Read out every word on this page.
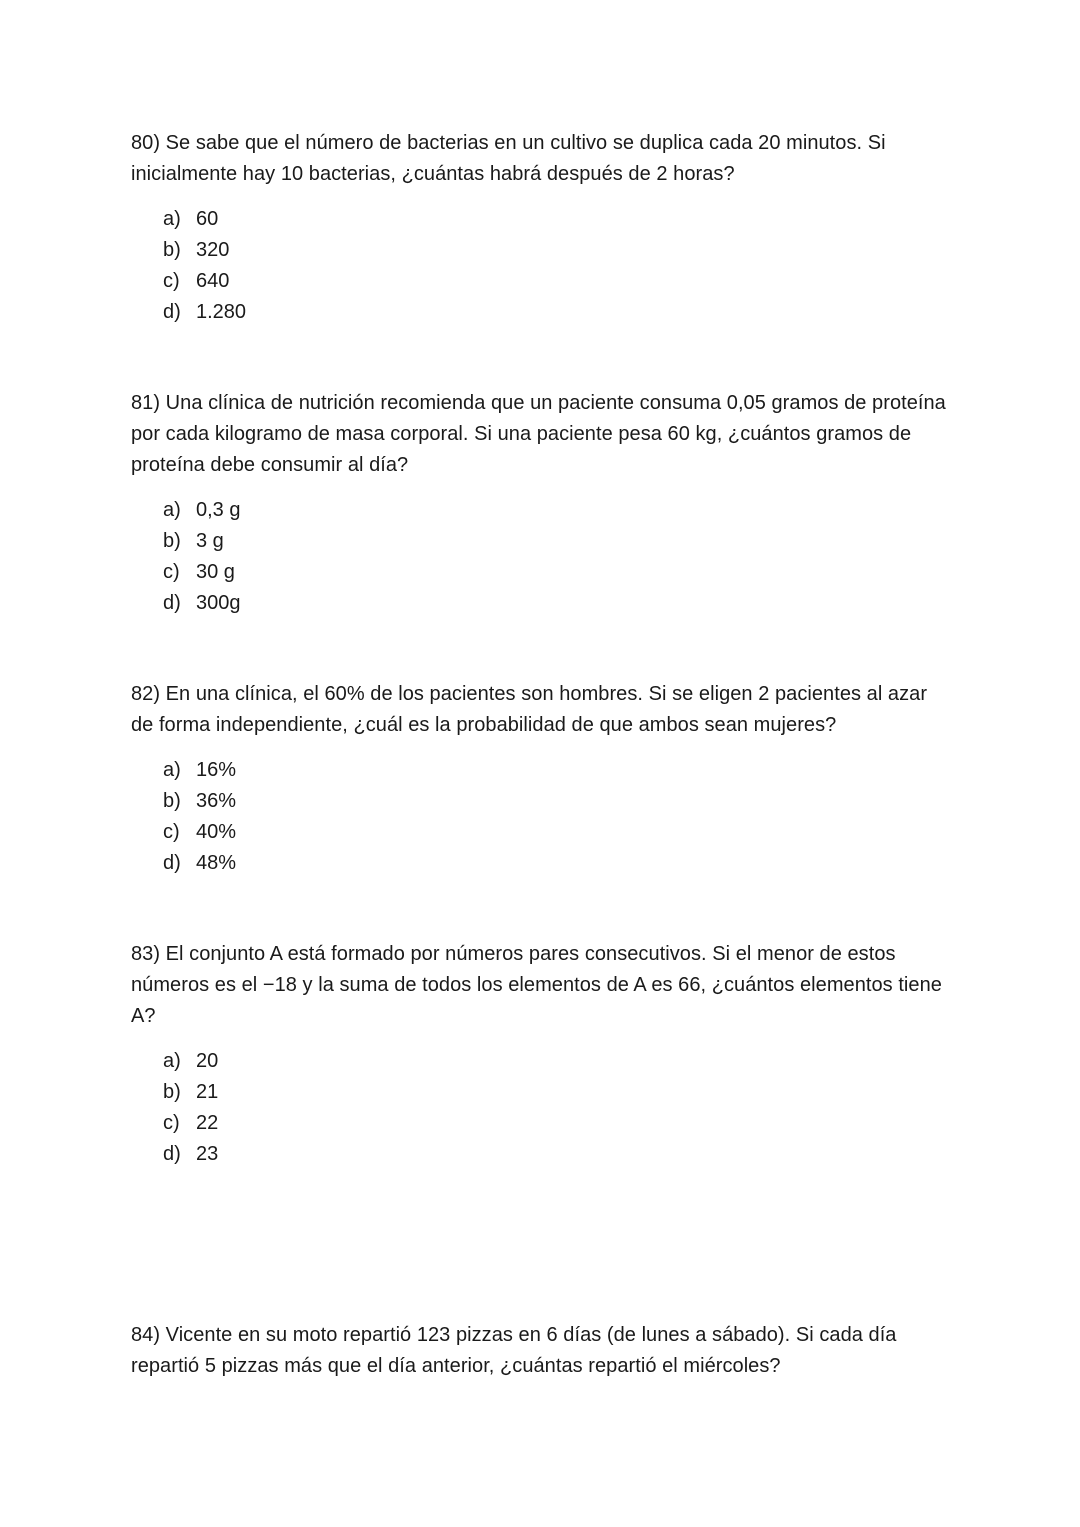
80) Se sabe que el número de bacterias en un cultivo se duplica cada 20 minutos. Si inicialmente hay 10 bacterias, ¿cuántas habrá después de 2 horas?

a) 60
b) 320
c) 640
d) 1.280

81) Una clínica de nutrición recomienda que un paciente consuma 0,05 gramos de proteína por cada kilogramo de masa corporal. Si una paciente pesa 60 kg, ¿cuántos gramos de proteína debe consumir al día?

a) 0,3 g
b) 3 g
c) 30 g
d) 300g

82) En una clínica, el 60% de los pacientes son hombres. Si se eligen 2 pacientes al azar de forma independiente, ¿cuál es la probabilidad de que ambos sean mujeres?

a) 16%
b) 36%
c) 40%
d) 48%

83) El conjunto A está formado por números pares consecutivos. Si el menor de estos números es el −18 y la suma de todos los elementos de A es 66, ¿cuántos elementos tiene A?

a) 20
b) 21
c) 22
d) 23

84) Vicente en su moto repartió 123 pizzas en 6 días (de lunes a sábado). Si cada día repartió 5 pizzas más que el día anterior, ¿cuántas repartió el miércoles?
